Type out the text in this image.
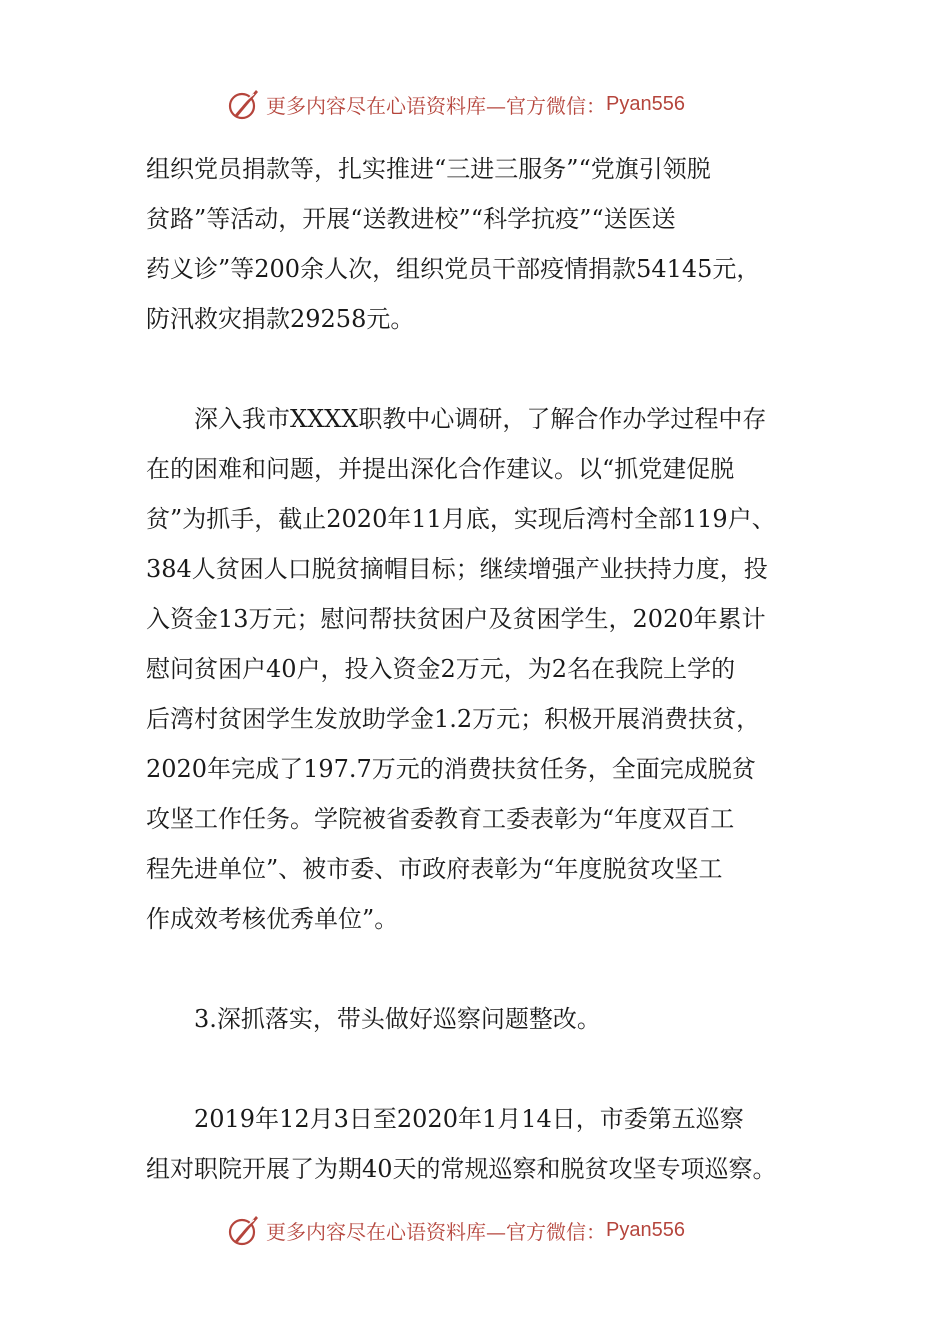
更多内容尽在心语资料库—官方微信： Pyan556

组织党员捐款等，扎实推进“三进三服务”“党旗引领脱
贫路”等活动，开展“送教进校”“科学抗疫”“送医送
药义诊”等200余人次，组织党员干部疫情捐款54145元，
防汛救灾捐款29258元。

　　深入我市XXXX职教中心调研，了解合作办学过程中存
在的困难和问题，并提出深化合作建议。以“抓党建促脱
贫”为抓手，截止2020年11月底，实现后湾村全部119户、
384人贫困人口脱贫摘帽目标；继续增强产业扶持力度，投
入资金13万元；慰问帮扶贫困户及贫困学生，2020年累计
慰问贫困户40户，投入资金2万元，为2名在我院上学的
后湾村贫困学生发放助学金1.2万元；积极开展消费扶贫，
2020年完成了197.7万元的消费扶贫任务，全面完成脱贫
攻坚工作任务。学院被省委教育工委表彰为“年度双百工
程先进单位”、被市委、市政府表彰为“年度脱贫攻坚工
作成效考核优秀单位”。

　　3.深抓落实，带头做好巡察问题整改。

　　2019年12月3日至2020年1月14日，市委第五巡察
组对职院开展了为期40天的常规巡察和脱贫攻坚专项巡察。

更多内容尽在心语资料库—官方微信： Pyan556
